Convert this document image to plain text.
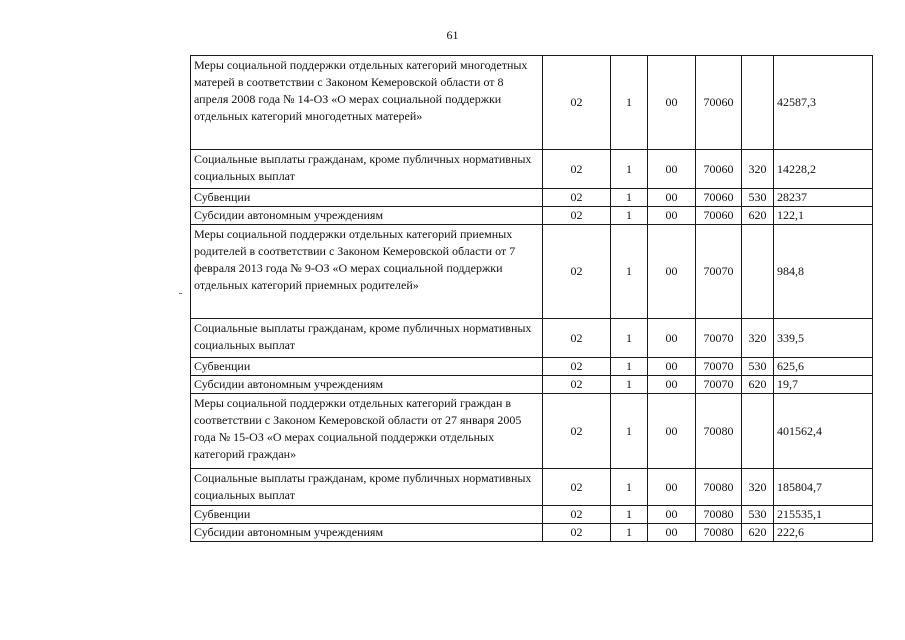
61
Меры социальной поддержки отдельных категорий многодетных матерей в соответствии с Законом Кемеровской области от 8 апреля 2008 года № 14-ОЗ «О мерах социальной поддержки отдельных категорий многодетных матерей»	02	1	00	70060		42587,3
Социальные выплаты гражданам, кроме публичных нормативных социальных выплат	02	1	00	70060	320	14228,2
Субвенции	02	1	00	70060	530	28237
Субсидии автономным учреждениям	02	1	00	70060	620	122,1
Меры социальной поддержки отдельных категорий приемных родителей в соответствии с Законом Кемеровской области от 7 февраля 2013 года № 9-ОЗ «О мерах социальной поддержки отдельных категорий приемных родителей»	02	1	00	70070		984,8
Социальные выплаты гражданам, кроме публичных нормативных социальных выплат	02	1	00	70070	320	339,5
Субвенции	02	1	00	70070	530	625,6
Субсидии автономным учреждениям	02	1	00	70070	620	19,7
Меры социальной поддержки отдельных категорий граждан в соответствии с Законом Кемеровской области от 27 января 2005 года № 15-ОЗ «О мерах социальной поддержки отдельных категорий граждан»	02	1	00	70080		401562,4
Социальные выплаты гражданам, кроме публичных нормативных социальных выплат	02	1	00	70080	320	185804,7
Субвенции	02	1	00	70080	530	215535,1
Субсидии автономным учреждениям	02	1	00	70080	620	222,6
